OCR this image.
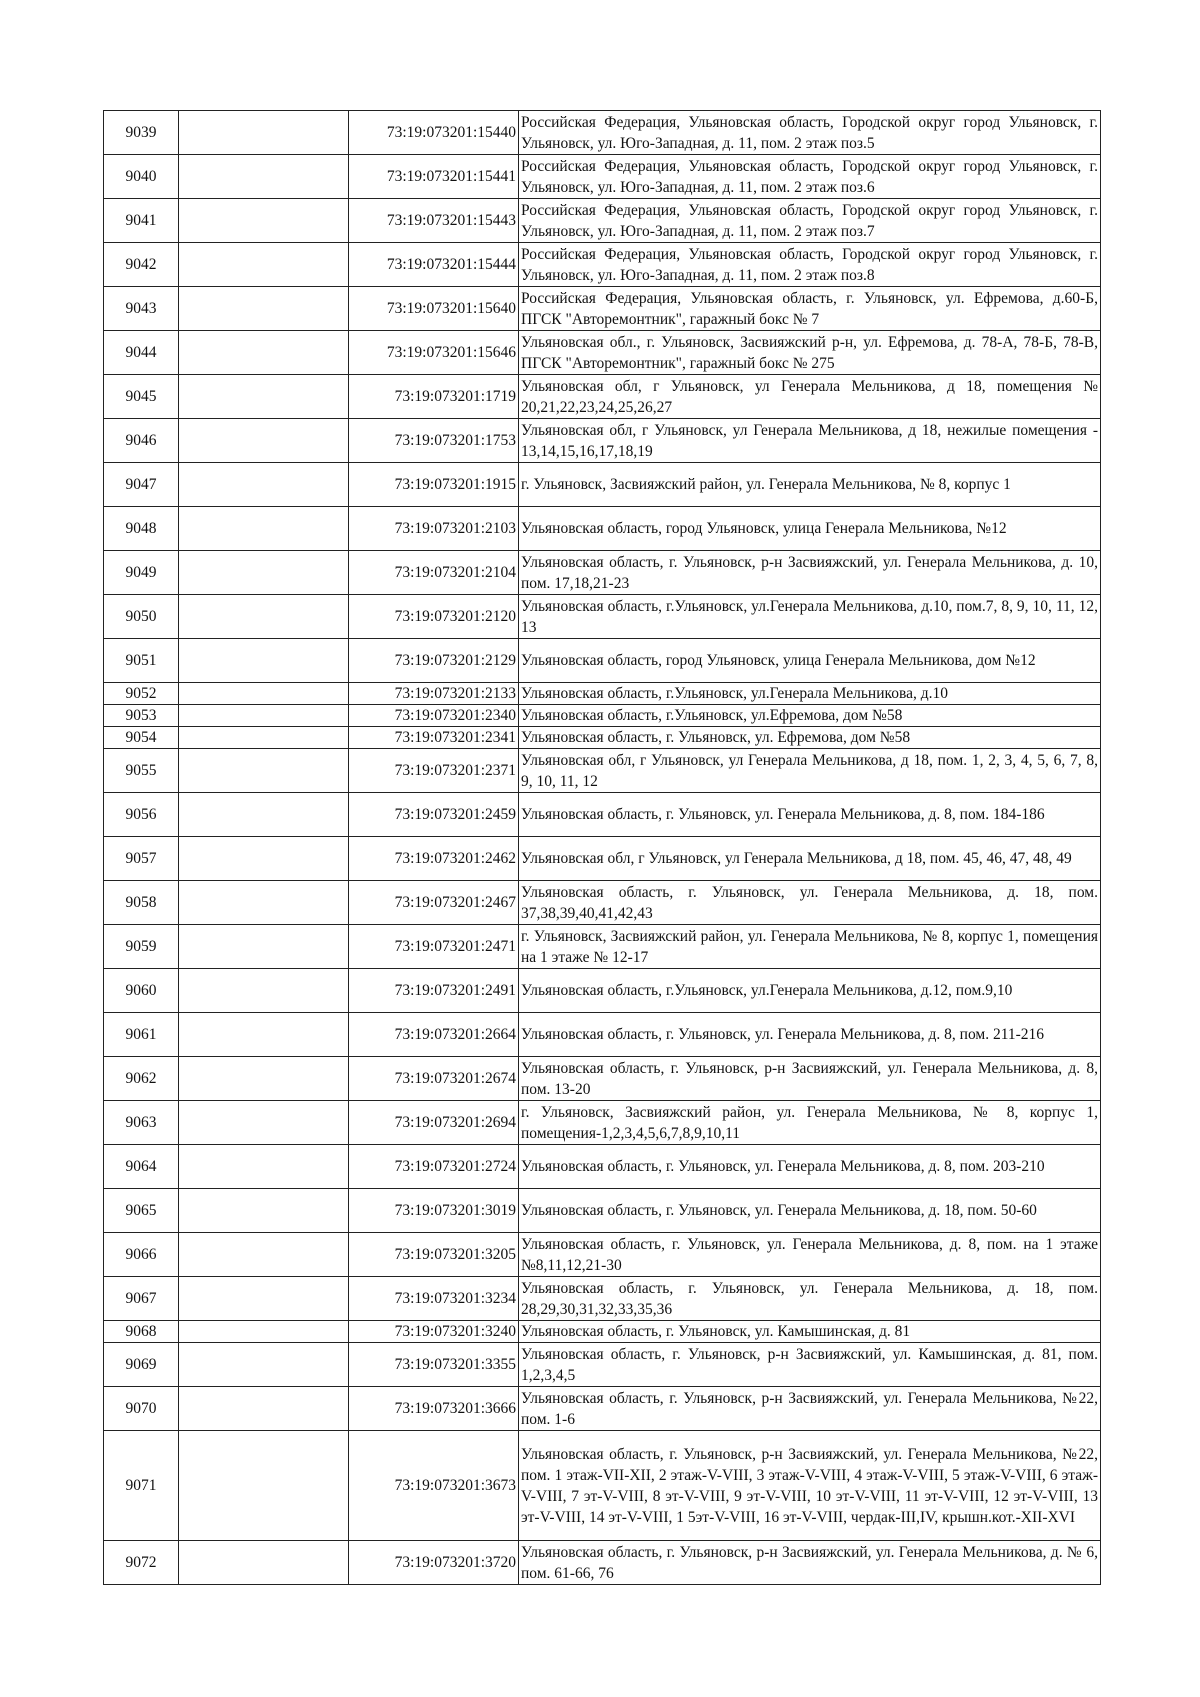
9039		73:19:073201:15440	Российская Федерация, Ульяновская область, Городской округ город Ульяновск, г. Ульяновск, ул. Юго-Западная, д. 11, пом. 2 этаж поз.5
9040		73:19:073201:15441	Российская Федерация, Ульяновская область, Городской округ город Ульяновск, г. Ульяновск, ул. Юго-Западная, д. 11, пом. 2 этаж поз.6
9041		73:19:073201:15443	Российская Федерация, Ульяновская область, Городской округ город Ульяновск, г. Ульяновск, ул. Юго-Западная, д. 11, пом. 2 этаж поз.7
9042		73:19:073201:15444	Российская Федерация, Ульяновская область, Городской округ город Ульяновск, г. Ульяновск, ул. Юго-Западная, д. 11, пом. 2 этаж поз.8
9043		73:19:073201:15640	Российская Федерация, Ульяновская область, г. Ульяновск, ул. Ефремова, д.60-Б, ПГСК "Авторемонтник", гаражный бокс № 7
9044		73:19:073201:15646	Ульяновская обл., г. Ульяновск, Засвияжский р-н, ул. Ефремова, д. 78-А, 78-Б, 78-В, ПГСК "Авторемонтник", гаражный бокс № 275
9045		73:19:073201:1719	Ульяновская обл, г Ульяновск, ул Генерала Мельникова, д 18, помещения № 20,21,22,23,24,25,26,27
9046		73:19:073201:1753	Ульяновская обл, г Ульяновск, ул Генерала Мельникова, д 18, нежилые помещения - 13,14,15,16,17,18,19
9047		73:19:073201:1915	г. Ульяновск, Засвияжский район, ул. Генерала Мельникова, № 8, корпус 1
9048		73:19:073201:2103	Ульяновская область, город Ульяновск, улица Генерала Мельникова, №12
9049		73:19:073201:2104	Ульяновская область, г. Ульяновск, р-н Засвияжский, ул. Генерала Мельникова, д. 10, пом. 17,18,21-23
9050		73:19:073201:2120	Ульяновская область, г.Ульяновск, ул.Генерала Мельникова, д.10, пом.7, 8, 9, 10, 11, 12, 13
9051		73:19:073201:2129	Ульяновская область, город Ульяновск, улица Генерала Мельникова, дом №12
9052		73:19:073201:2133	Ульяновская область, г.Ульяновск, ул.Генерала Мельникова, д.10
9053		73:19:073201:2340	Ульяновская область, г.Ульяновск, ул.Ефремова, дом №58
9054		73:19:073201:2341	Ульяновская область, г. Ульяновск, ул. Ефремова, дом №58
9055		73:19:073201:2371	Ульяновская обл, г Ульяновск, ул Генерала Мельникова, д 18, пом. 1, 2, 3, 4, 5, 6, 7, 8, 9, 10, 11, 12
9056		73:19:073201:2459	Ульяновская область, г. Ульяновск, ул. Генерала Мельникова, д. 8, пом. 184-186
9057		73:19:073201:2462	Ульяновская обл, г Ульяновск, ул Генерала Мельникова, д 18, пом. 45, 46, 47, 48, 49
9058		73:19:073201:2467	Ульяновская область, г. Ульяновск, ул. Генерала Мельникова, д. 18, пом. 37,38,39,40,41,42,43
9059		73:19:073201:2471	г. Ульяновск, Засвияжский район, ул. Генерала Мельникова, № 8, корпус 1, помещения на 1 этаже № 12-17
9060		73:19:073201:2491	Ульяновская область, г.Ульяновск, ул.Генерала Мельникова, д.12, пом.9,10
9061		73:19:073201:2664	Ульяновская область, г. Ульяновск, ул. Генерала Мельникова, д. 8, пом. 211-216
9062		73:19:073201:2674	Ульяновская область, г. Ульяновск, р-н Засвияжский, ул. Генерала Мельникова, д. 8, пом. 13-20
9063		73:19:073201:2694	г. Ульяновск, Засвияжский район, ул. Генерала Мельникова, № 8, корпус 1, помещения-1,2,3,4,5,6,7,8,9,10,11
9064		73:19:073201:2724	Ульяновская область, г. Ульяновск, ул. Генерала Мельникова, д. 8, пом. 203-210
9065		73:19:073201:3019	Ульяновская область, г. Ульяновск, ул. Генерала Мельникова, д. 18, пом. 50-60
9066		73:19:073201:3205	Ульяновская область, г. Ульяновск, ул. Генерала Мельникова, д. 8, пом. на 1 этаже №8,11,12,21-30
9067		73:19:073201:3234	Ульяновская область, г. Ульяновск, ул. Генерала Мельникова, д. 18, пом. 28,29,30,31,32,33,35,36
9068		73:19:073201:3240	Ульяновская область, г. Ульяновск, ул. Камышинская, д. 81
9069		73:19:073201:3355	Ульяновская область, г. Ульяновск, р-н Засвияжский, ул. Камышинская, д. 81, пом. 1,2,3,4,5
9070		73:19:073201:3666	Ульяновская область, г. Ульяновск, р-н Засвияжский, ул. Генерала Мельникова, №22, пом. 1-6
9071		73:19:073201:3673	Ульяновская область, г. Ульяновск, р-н Засвияжский, ул. Генерала Мельникова, №22, пом. 1 этаж-VII-XII, 2 этаж-V-VIII, 3 этаж-V-VIII, 4 этаж-V-VIII, 5 этаж-V-VIII, 6 этаж-V-VIII, 7 эт-V-VIII, 8 эт-V-VIII, 9 эт-V-VIII, 10 эт-V-VIII, 11 эт-V-VIII, 12 эт-V-VIII, 13 эт-V-VIII, 14 эт-V-VIII, 1 5эт-V-VIII, 16 эт-V-VIII, чердак-III,IV, крышн.кот.-XII-XVI
9072		73:19:073201:3720	Ульяновская область, г. Ульяновск, р-н Засвияжский, ул. Генерала Мельникова, д. № 6, пом. 61-66, 76
